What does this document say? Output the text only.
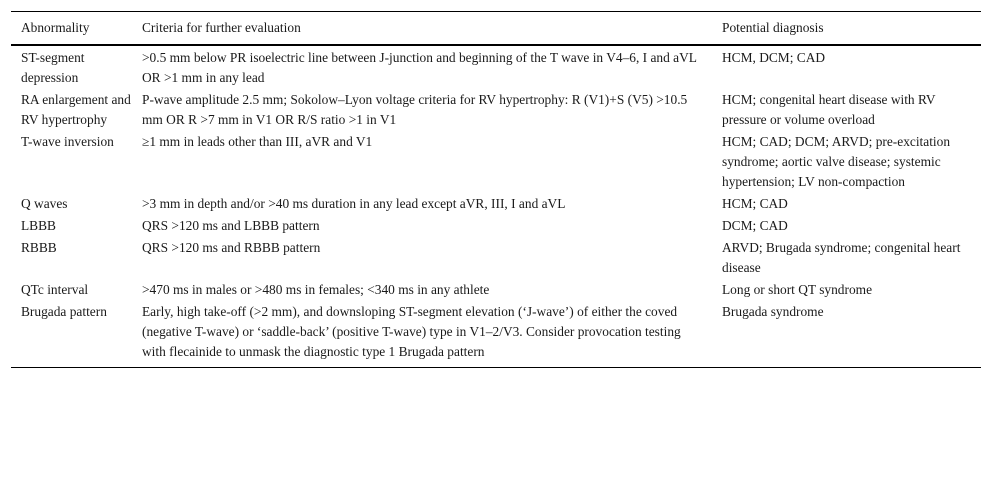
Abnormality	Criteria for further evaluation	Potential diagnosis
ST-segment depression	>0.5 mm below PR isoelectric line between J-junction and beginning of the T wave in V4–6, I and aVL OR >1 mm in any lead	HCM, DCM; CAD
RA enlargement and RV hypertrophy	P-wave amplitude 2.5 mm; Sokolow–Lyon voltage criteria for RV hypertrophy: R (V1)+S (V5) >10.5 mm OR R >7 mm in V1 OR R/S ratio >1 in V1	HCM; congenital heart disease with RV pressure or volume overload
T-wave inversion	≥1 mm in leads other than III, aVR and V1	HCM; CAD; DCM; ARVD; pre-excitation syndrome; aortic valve disease; systemic hypertension; LV non-compaction
Q waves	>3 mm in depth and/or >40 ms duration in any lead except aVR, III, I and aVL	HCM; CAD
LBBB	QRS >120 ms and LBBB pattern	DCM; CAD
RBBB	QRS >120 ms and RBBB pattern	ARVD; Brugada syndrome; congenital heart disease
QTc interval	>470 ms in males or >480 ms in females; <340 ms in any athlete	Long or short QT syndrome
Brugada pattern	Early, high take-off (>2 mm), and downsloping ST-segment elevation (‘J-wave’) of either the coved (negative T-wave) or ‘saddle-back’ (positive T-wave) type in V1–2/V3. Consider provocation testing with flecainide to unmask the diagnostic type 1 Brugada pattern	Brugada syndrome
